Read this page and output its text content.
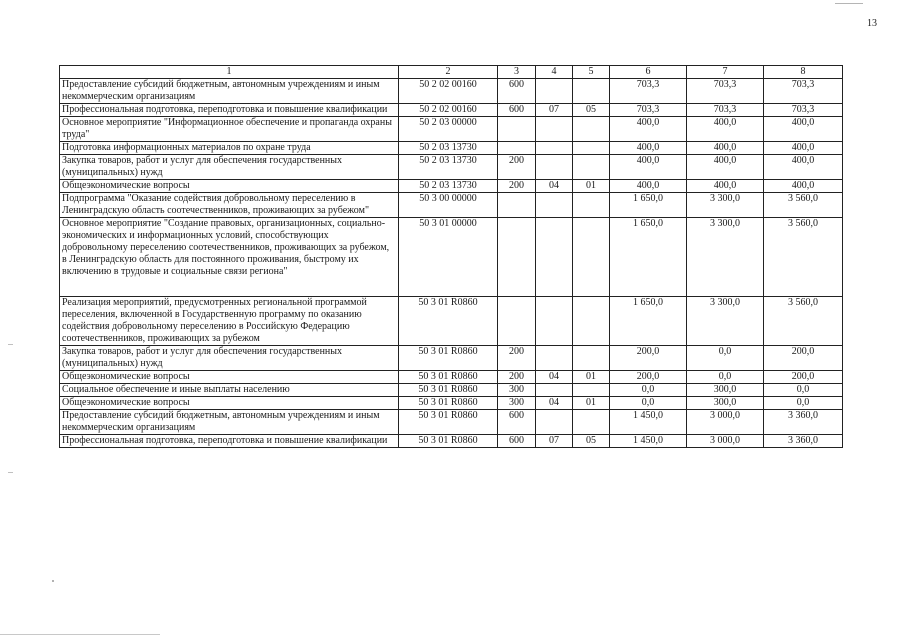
13
1	2	3	4	5	6	7	8
Предоставление субсидий бюджетным, автономным учреждениям и иным некоммерческим организациям	50 2 02 00160	600			703,3	703,3	703,3
Профессиональная подготовка, переподготовка и повышение квалификации	50 2 02 00160	600	07	05	703,3	703,3	703,3
Основное мероприятие "Информационное обеспечение и пропаганда охраны труда"	50 2 03 00000				400,0	400,0	400,0
Подготовка информационных материалов по охране труда	50 2 03 13730				400,0	400,0	400,0
Закупка товаров, работ и услуг для обеспечения государственных (муниципальных) нужд	50 2 03 13730	200			400,0	400,0	400,0
Общеэкономические вопросы	50 2 03 13730	200	04	01	400,0	400,0	400,0
Подпрограмма "Оказание содействия добровольному переселению в Ленинградскую область соотечественников, проживающих за рубежом"	50 3 00 00000				1 650,0	3 300,0	3 560,0
Основное мероприятие "Создание правовых, организационных, социально-экономических и информационных условий, способствующих добровольному переселению соотечественников, проживающих за рубежом, в Ленинградскую область для постоянного проживания, быстрому их включению в трудовые и социальные связи региона"	50 3 01 00000				1 650,0	3 300,0	3 560,0
Реализация мероприятий, предусмотренных региональной программой переселения, включенной в Государственную программу по оказанию содействия добровольному переселению в Российскую Федерацию соотечественников, проживающих за рубежом	50 3 01 R0860				1 650,0	3 300,0	3 560,0
Закупка товаров, работ и услуг для обеспечения государственных (муниципальных) нужд	50 3 01 R0860	200			200,0	0,0	200,0
Общеэкономические вопросы	50 3 01 R0860	200	04	01	200,0	0,0	200,0
Социальное обеспечение и иные выплаты населению	50 3 01 R0860	300			0,0	300,0	0,0
Общеэкономические вопросы	50 3 01 R0860	300	04	01	0,0	300,0	0,0
Предоставление субсидий бюджетным, автономным учреждениям и иным некоммерческим организациям	50 3 01 R0860	600			1 450,0	3 000,0	3 360,0
Профессиональная подготовка, переподготовка и повышение квалификации	50 3 01 R0860	600	07	05	1 450,0	3 000,0	3 360,0
